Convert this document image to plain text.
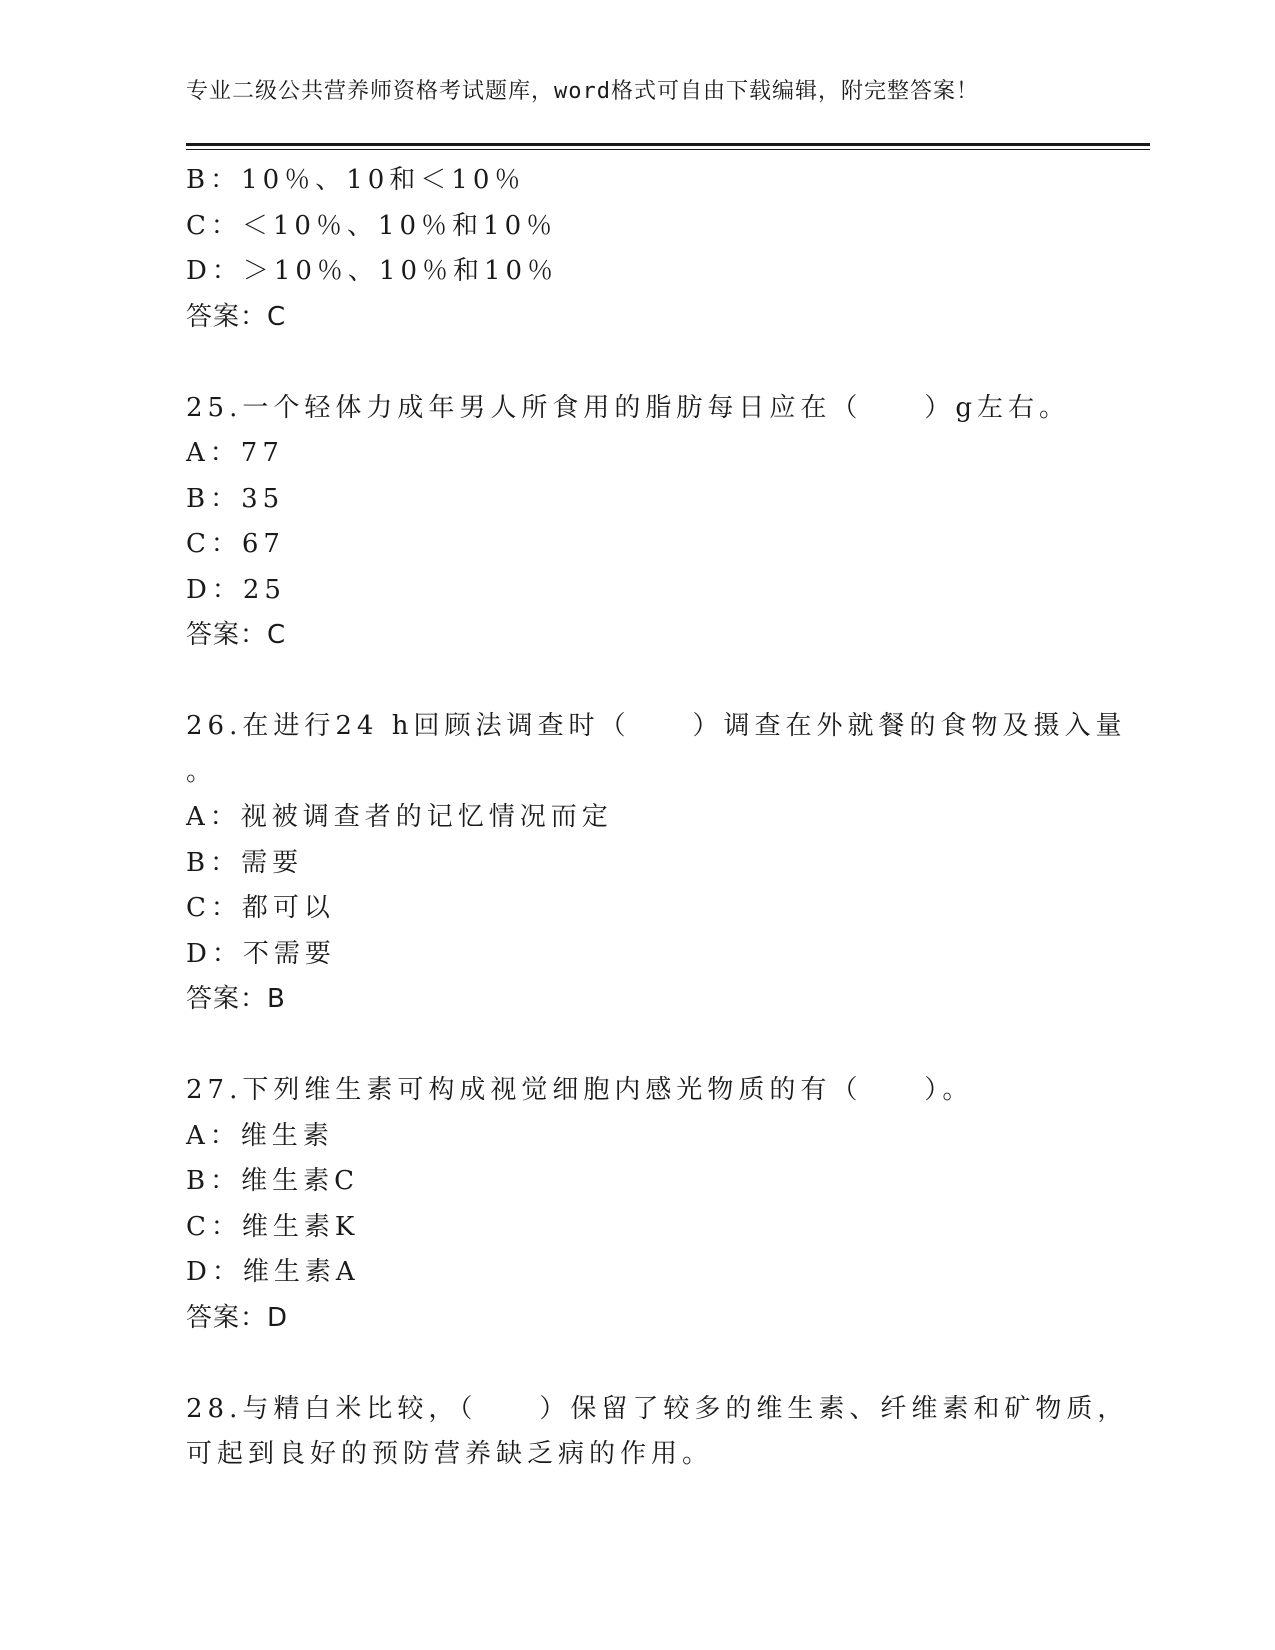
专业二级公共营养师资格考试题库，word格式可自由下载编辑，附完整答案！
B：10％、10和＜10％
C：＜10％、10％和10％
D：＞10％、10％和10％
答案：C
25.一个轻体力成年男人所食用的脂肪每日应在（　　）g左右。
A：77
B：35
C：67
D：25
答案：C
26.在进行24 h回顾法调查时（　　）调查在外就餐的食物及摄入量
。
A：视被调查者的记忆情况而定
B：需要
C：都可以
D：不需要
答案：B
27.下列维生素可构成视觉细胞内感光物质的有（　　）。
A：维生素
B：维生素C
C：维生素K
D：维生素A
答案：D
28.与精白米比较，（　　）保留了较多的维生素、纤维素和矿物质，
可起到良好的预防营养缺乏病的作用。
